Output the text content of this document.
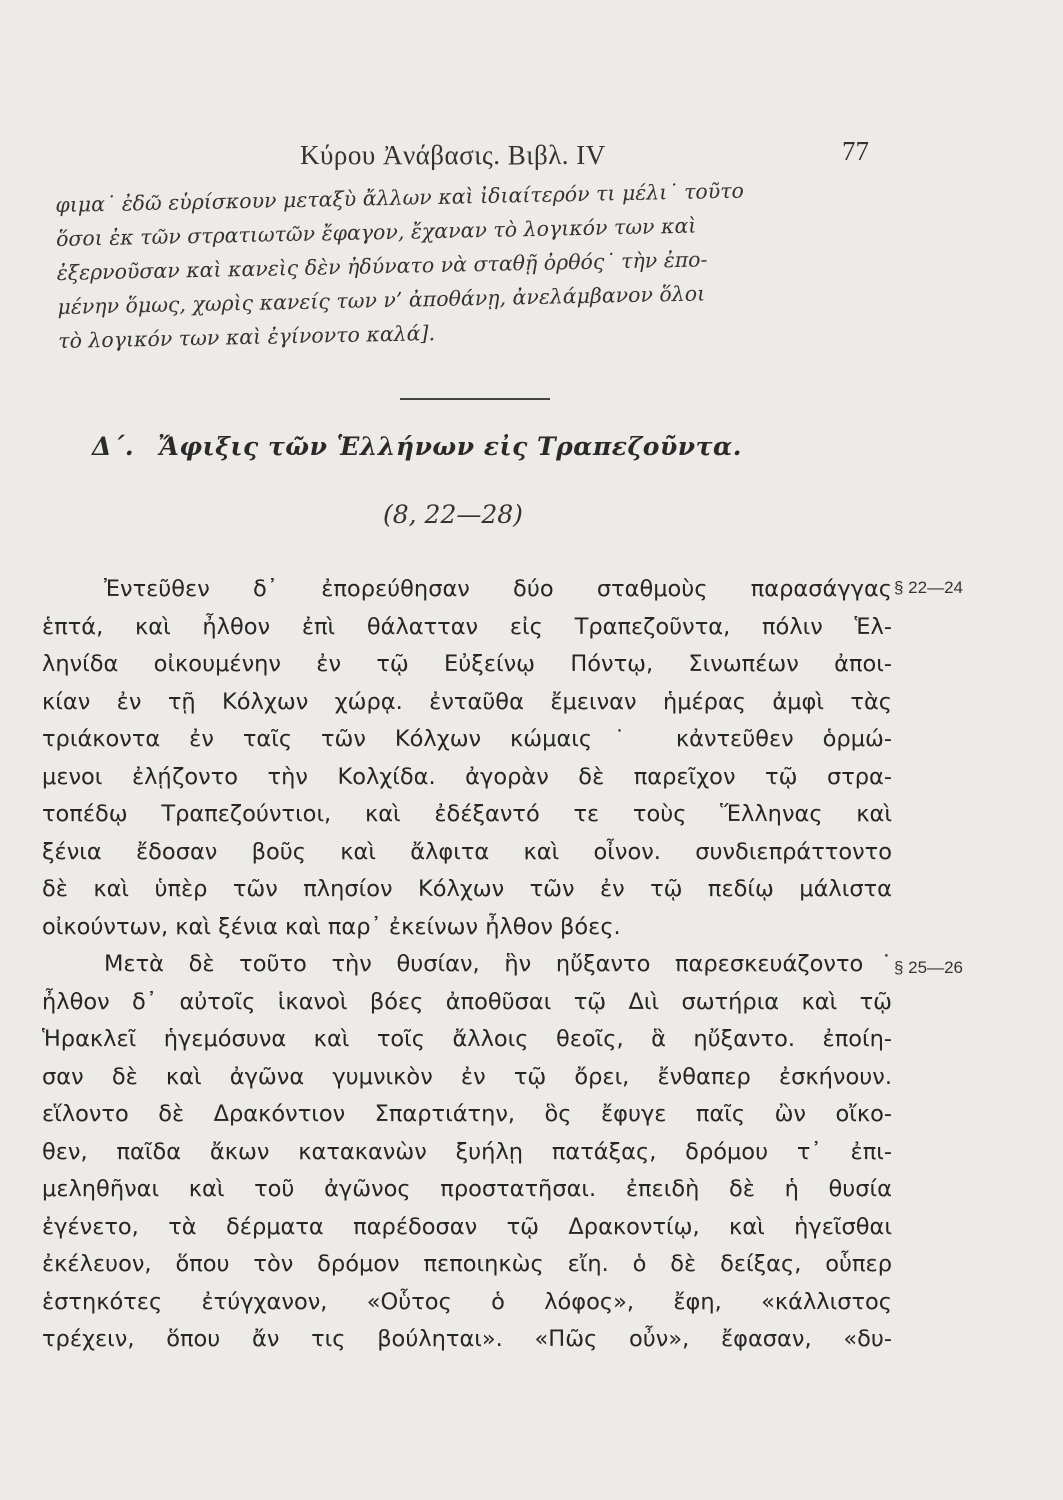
Κύρου Ἀνάβασις. Βιβλ. IV	77
φιμα˙ ἐδῶ εὑρίσκουν μεταξὺ ἄλλων καὶ ἰδιαίτερόν τι μέλι˙ τοῦτο
ὅσοι ἐκ τῶν στρατιωτῶν ἔφαγον, ἔχαναν τὸ λογικόν των καὶ
ἐξερνοῦσαν καὶ κανεὶς δὲν ἠδύνατο νὰ σταθῇ ὀρθός˙ τὴν ἐπο-
μένην ὅμως, χωρὶς κανείς των ν’ ἀποθάνῃ, ἀνελάμβανον ὅλοι
τὸ λογικόν των καὶ ἐγίνοντο καλά].
Δ΄. Ἄφιξις τῶν Ἑλλήνων εἰς Τραπεζοῦντα.
(8, 22—28)
§ 22—24
§ 25—26
Ἐντεῦθεν δ᾽ ἐπορεύθησαν δύο σταθμοὺς παρασάγγας
ἑπτά, καὶ ἦλθον ἐπὶ θάλατταν εἰς Τραπεζοῦντα, πόλιν Ἑλ-
ληνίδα οἰκουμένην ἐν τῷ Εὐξείνῳ Πόντῳ, Σινωπέων ἀποι-
κίαν ἐν τῇ Κόλχων χώρᾳ. ἐνταῦθα ἔμειναν ἡμέρας ἀμφὶ τὰς
τριάκοντα ἐν ταῖς τῶν Κόλχων κώμαις˙ κἀντεῦθεν ὁρμώ-
μενοι ἐλῄζοντο τὴν Κολχίδα. ἀγορὰν δὲ παρεῖχον τῷ στρα-
τοπέδῳ Τραπεζούντιοι, καὶ ἐδέξαντό τε τοὺς Ἕλληνας καὶ
ξένια ἔδοσαν βοῦς καὶ ἄλφιτα καὶ οἶνον. συνδιεπράττοντο
δὲ καὶ ὑπὲρ τῶν πλησίον Κόλχων τῶν ἐν τῷ πεδίῳ μάλιστα
οἰκούντων, καὶ ξένια καὶ παρ᾽ ἐκείνων ἦλθον βόες.
Μετὰ δὲ τοῦτο τὴν θυσίαν, ἣν ηὔξαντο παρεσκευάζοντο˙
ἦλθον δ᾽ αὐτοῖς ἱκανοὶ βόες ἀποθῦσαι τῷ Διὶ σωτήρια καὶ τῷ
Ἡρακλεῖ ἡγεμόσυνα καὶ τοῖς ἄλλοις θεοῖς, ἃ ηὔξαντο. ἐποίη-
σαν δὲ καὶ ἀγῶνα γυμνικὸν ἐν τῷ ὄρει, ἔνθαπερ ἐσκήνουν.
εἵλοντο δὲ Δρακόντιον Σπαρτιάτην, ὃς ἔφυγε παῖς ὢν οἴκο-
θεν, παῖδα ἄκων κατακανὼν ξυήλῃ πατάξας, δρόμου τ᾽ ἐπι-
μεληθῆναι καὶ τοῦ ἀγῶνος προστατῆσαι. ἐπειδὴ δὲ ἡ θυσία
ἐγένετο, τὰ δέρματα παρέδοσαν τῷ Δρακοντίῳ, καὶ ἡγεῖσθαι
ἐκέλευον, ὅπου τὸν δρόμον πεποιηκὼς εἴη. ὁ δὲ δείξας, οὗπερ
ἑστηκότες ἐτύγχανον, «Οὗτος ὁ λόφος», ἔφη, «κάλλιστος
τρέχειν, ὅπου ἄν τις βούληται». «Πῶς οὖν», ἔφασαν, «δυ-
